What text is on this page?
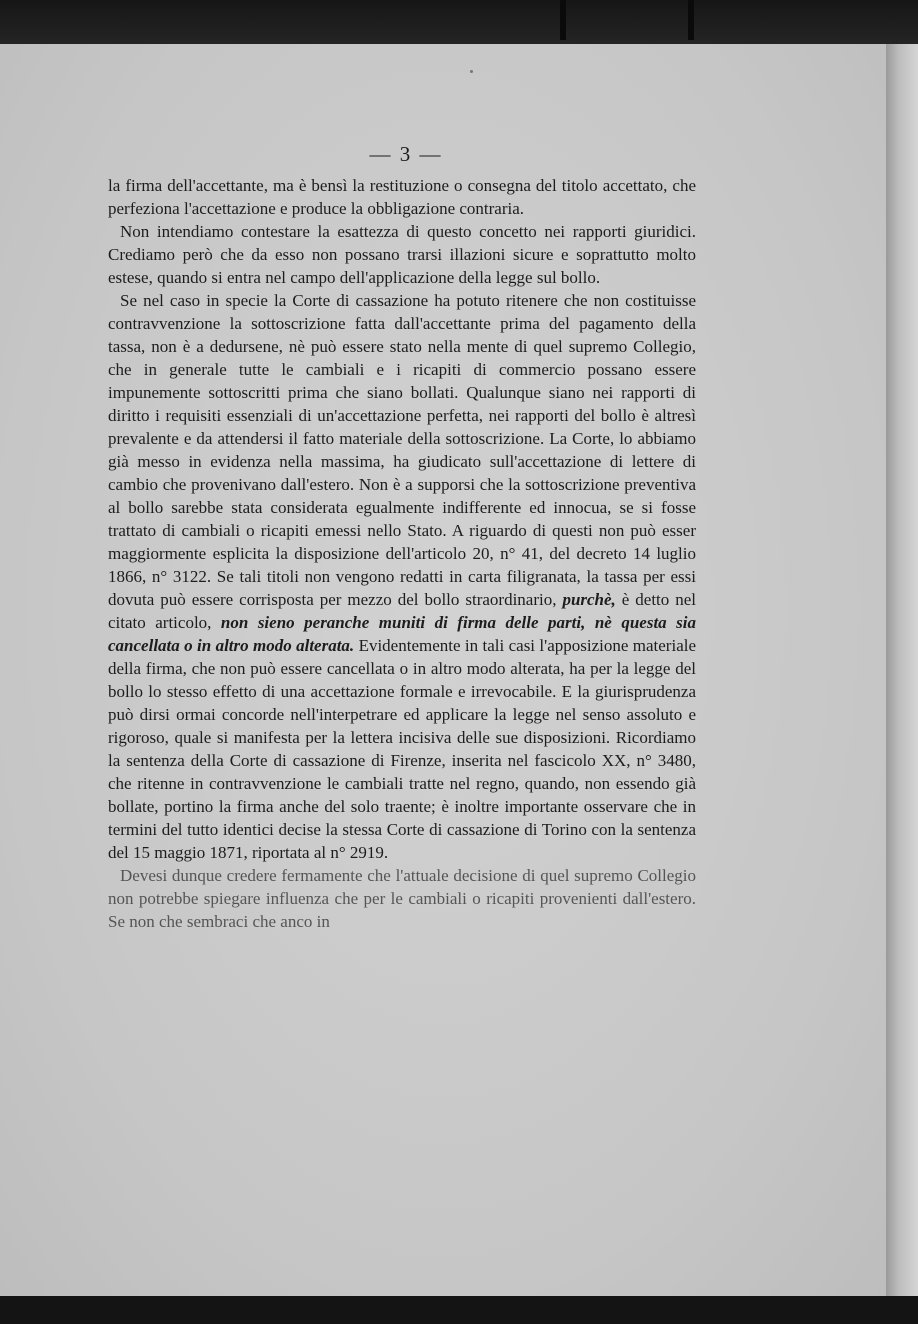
— 3 —

la firma dell'accettante, ma è bensì la restituzione o consegna del titolo accettato, che perfeziona l'accettazione e produce la obbligazione contraria.

Non intendiamo contestare la esattezza di questo concetto nei rapporti giuridici. Crediamo però che da esso non possano trarsi illazioni sicure e soprattutto molto estese, quando si entra nel campo dell'applicazione della legge sul bollo.

Se nel caso in specie la Corte di cassazione ha potuto ritenere che non costituisse contravvenzione la sottoscrizione fatta dall'accettante prima del pagamento della tassa, non è a dedursene, nè può essere stato nella mente di quel supremo Collegio, che in generale tutte le cambiali e i ricapiti di commercio possano essere impunemente sottoscritti prima che siano bollati. Qualunque siano nei rapporti di diritto i requisiti essenziali di un'accettazione perfetta, nei rapporti del bollo è altresì prevalente e da attendersi il fatto materiale della sottoscrizione. La Corte, lo abbiamo già messo in evidenza nella massima, ha giudicato sull'accettazione di lettere di cambio che provenivano dall'estero. Non è a supporsi che la sottoscrizione preventiva al bollo sarebbe stata considerata egualmente indifferente ed innocua, se si fosse trattato di cambiali o ricapiti emessi nello Stato. A riguardo di questi non può esser maggiormente esplicita la disposizione dell'articolo 20, n° 41, del decreto 14 luglio 1866, n° 3122. Se tali titoli non vengono redatti in carta filigranata, la tassa per essi dovuta può essere corrisposta per mezzo del bollo straordinario, purchè, è detto nel citato articolo, non sieno peranche muniti di firma delle parti, nè questa sia cancellata o in altro modo alterata. Evidentemente in tali casi l'apposizione materiale della firma, che non può essere cancellata o in altro modo alterata, ha per la legge del bollo lo stesso effetto di una accettazione formale e irrevocabile. E la giurisprudenza può dirsi ormai concorde nell'interpetrare ed applicare la legge nel senso assoluto e rigoroso, quale si manifesta per la lettera incisiva delle sue disposizioni. Ricordiamo la sentenza della Corte di cassazione di Firenze, inserita nel fascicolo XX, n° 3480, che ritenne in contravvenzione le cambiali tratte nel regno, quando, non essendo già bollate, portino la firma anche del solo traente; è inoltre importante osservare che in termini del tutto identici decise la stessa Corte di cassazione di Torino con la sentenza del 15 maggio 1871, riportata al n° 2919.

Devesi dunque credere fermamente che l'attuale decisione di quel supremo Collegio non potrebbe spiegare influenza che per le cambiali o ricapiti provenienti dall'estero. Se non che sembraci che anco in
